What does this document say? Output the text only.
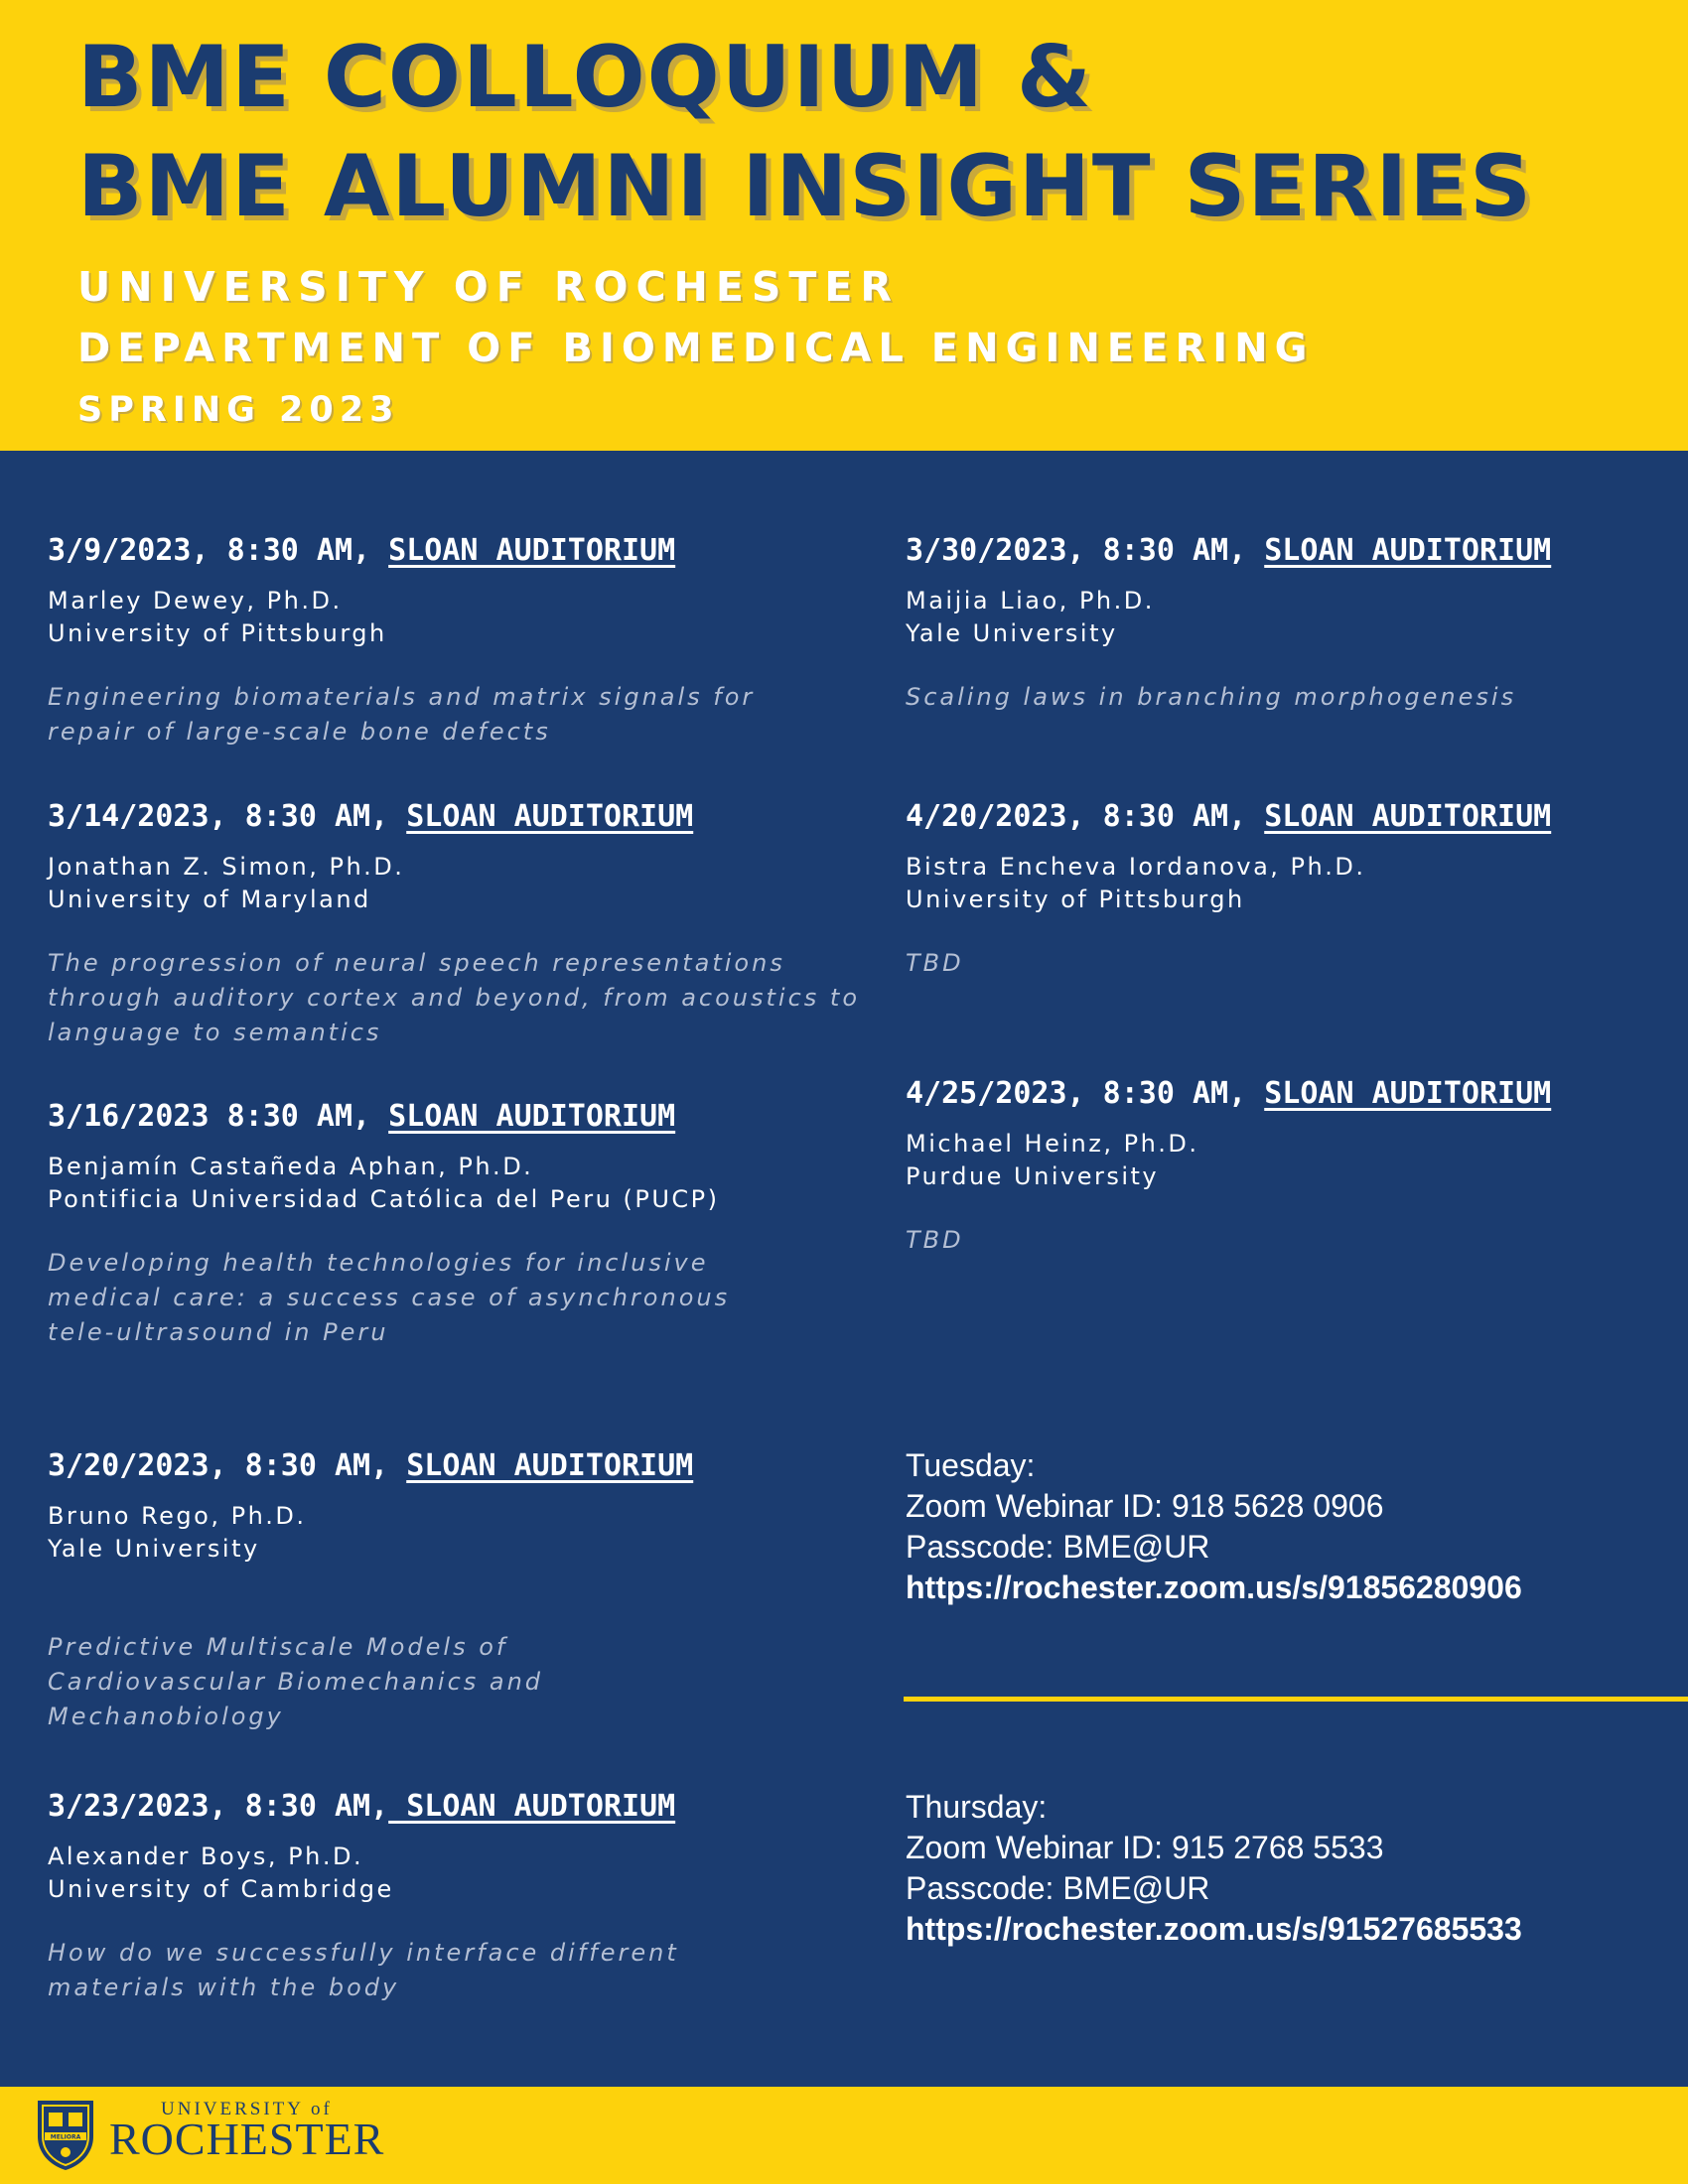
BME COLLOQUIUM &
BME ALUMNI INSIGHT SERIES
UNIVERSITY OF ROCHESTER
DEPARTMENT OF BIOMEDICAL ENGINEERING
SPRING 2023
3/9/2023, 8:30 AM, SLOAN AUDITORIUM
Marley Dewey, Ph.D.
University of Pittsburgh
Engineering biomaterials and matrix signals for repair of large-scale bone defects
3/14/2023, 8:30 AM, SLOAN AUDITORIUM
Jonathan Z. Simon, Ph.D.
University of Maryland
The progression of neural speech representations through auditory cortex and beyond, from acoustics to language to semantics
3/16/2023 8:30 AM, SLOAN AUDITORIUM
Benjamín Castañeda Aphan, Ph.D.
Pontificia Universidad Católica del Peru (PUCP)
Developing health technologies for inclusive medical care: a success case of asynchronous tele-ultrasound in Peru
3/20/2023, 8:30 AM, SLOAN AUDITORIUM
Bruno Rego, Ph.D.
Yale University
Predictive Multiscale Models of Cardiovascular Biomechanics and Mechanobiology
3/23/2023, 8:30 AM, SLOAN AUDTORIUM
Alexander Boys, Ph.D.
University of Cambridge
How do we successfully interface different materials with the body
3/30/2023, 8:30 AM, SLOAN AUDITORIUM
Maijia Liao, Ph.D.
Yale University
Scaling laws in branching morphogenesis
4/20/2023, 8:30 AM, SLOAN AUDITORIUM
Bistra Encheva Iordanova, Ph.D.
University of Pittsburgh
TBD
4/25/2023, 8:30 AM, SLOAN AUDITORIUM
Michael Heinz, Ph.D.
Purdue University
TBD
Tuesday:
Zoom Webinar ID: 918 5628 0906
Passcode: BME@UR
https://rochester.zoom.us/s/91856280906
Thursday:
Zoom Webinar ID: 915 2768 5533
Passcode: BME@UR
https://rochester.zoom.us/s/91527685533
MELIORA
UNIVERSITY of
ROCHESTER
